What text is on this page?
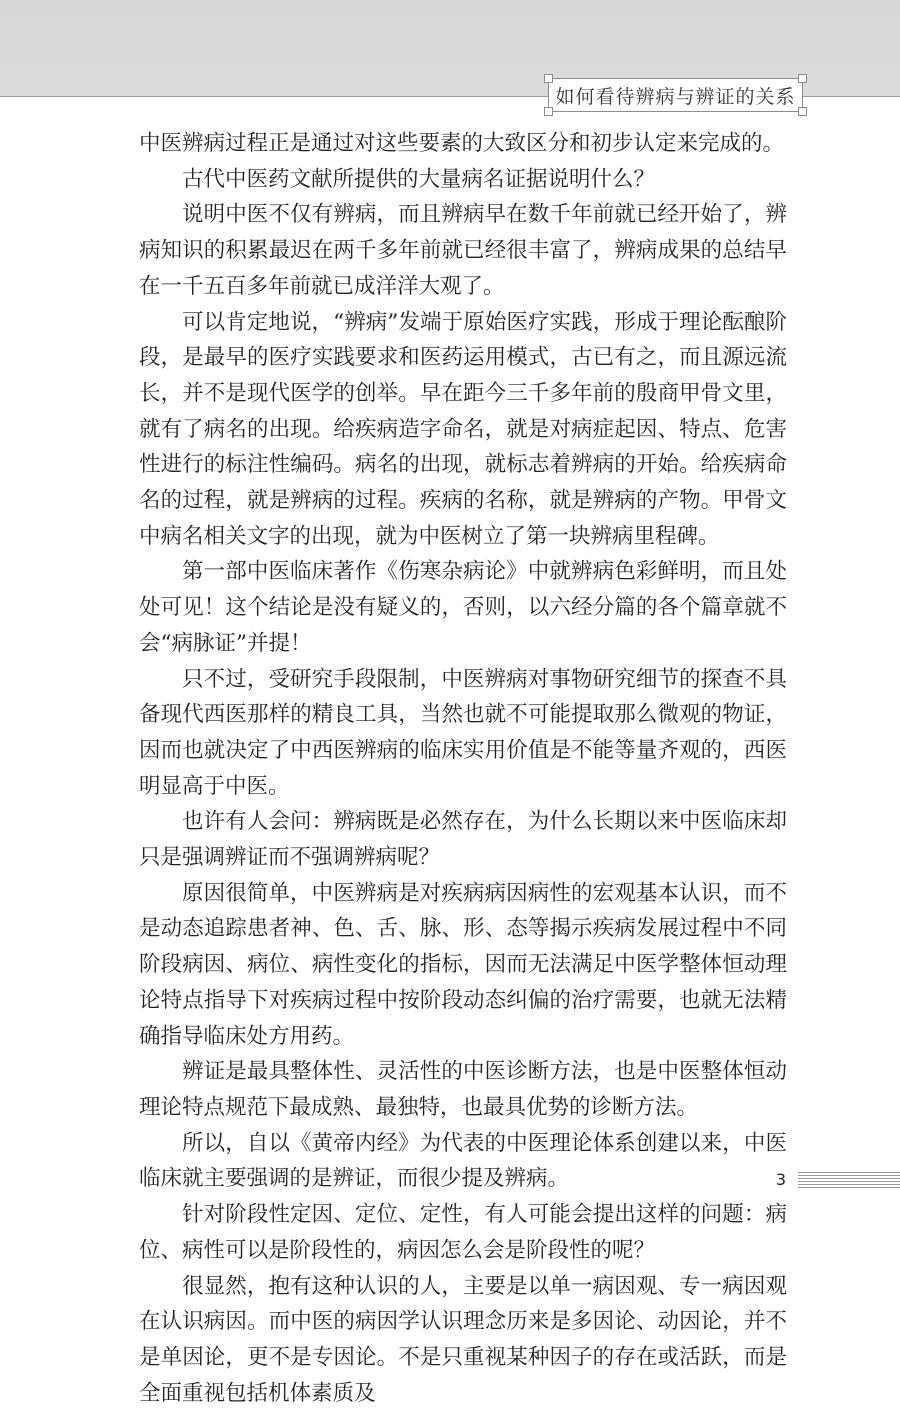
如何看待辨病与辨证的关系

中医辨病过程正是通过对这些要素的大致区分和初步认定来完成的。

古代中医药文献所提供的大量病名证据说明什么？

说明中医不仅有辨病，而且辨病早在数千年前就已经开始了，辨病知识的积累最迟在两千多年前就已经很丰富了，辨病成果的总结早在一千五百多年前就已成洋洋大观了。

可以肯定地说，“辨病”发端于原始医疗实践，形成于理论酝酿阶段，是最早的医疗实践要求和医药运用模式，古已有之，而且源远流长，并不是现代医学的创举。早在距今三千多年前的殷商甲骨文里，就有了病名的出现。给疾病造字命名，就是对病症起因、特点、危害性进行的标注性编码。病名的出现，就标志着辨病的开始。给疾病命名的过程，就是辨病的过程。疾病的名称，就是辨病的产物。甲骨文中病名相关文字的出现，就为中医树立了第一块辨病里程碑。

第一部中医临床著作《伤寒杂病论》中就辨病色彩鲜明，而且处处可见！这个结论是没有疑义的，否则，以六经分篇的各个篇章就不会“病脉证”并提！

只不过，受研究手段限制，中医辨病对事物研究细节的探查不具备现代西医那样的精良工具，当然也就不可能提取那么微观的物证，因而也就决定了中西医辨病的临床实用价值是不能等量齐观的，西医明显高于中医。

也许有人会问：辨病既是必然存在，为什么长期以来中医临床却只是强调辨证而不强调辨病呢？

原因很简单，中医辨病是对疾病病因病性的宏观基本认识，而不是动态追踪患者神、色、舌、脉、形、态等揭示疾病发展过程中不同阶段病因、病位、病性变化的指标，因而无法满足中医学整体恒动理论特点指导下对疾病过程中按阶段动态纠偏的治疗需要，也就无法精确指导临床处方用药。

辨证是最具整体性、灵活性的中医诊断方法，也是中医整体恒动理论特点规范下最成熟、最独特，也最具优势的诊断方法。

所以，自以《黄帝内经》为代表的中医理论体系创建以来，中医临床就主要强调的是辨证，而很少提及辨病。

针对阶段性定因、定位、定性，有人可能会提出这样的问题：病位、病性可以是阶段性的，病因怎么会是阶段性的呢？

很显然，抱有这种认识的人，主要是以单一病因观、专一病因观在认识病因。而中医的病因学认识理念历来是多因论、动因论，并不是单因论，更不是专因论。不是只重视某种因子的存在或活跃，而是全面重视包括机体素质及

3
